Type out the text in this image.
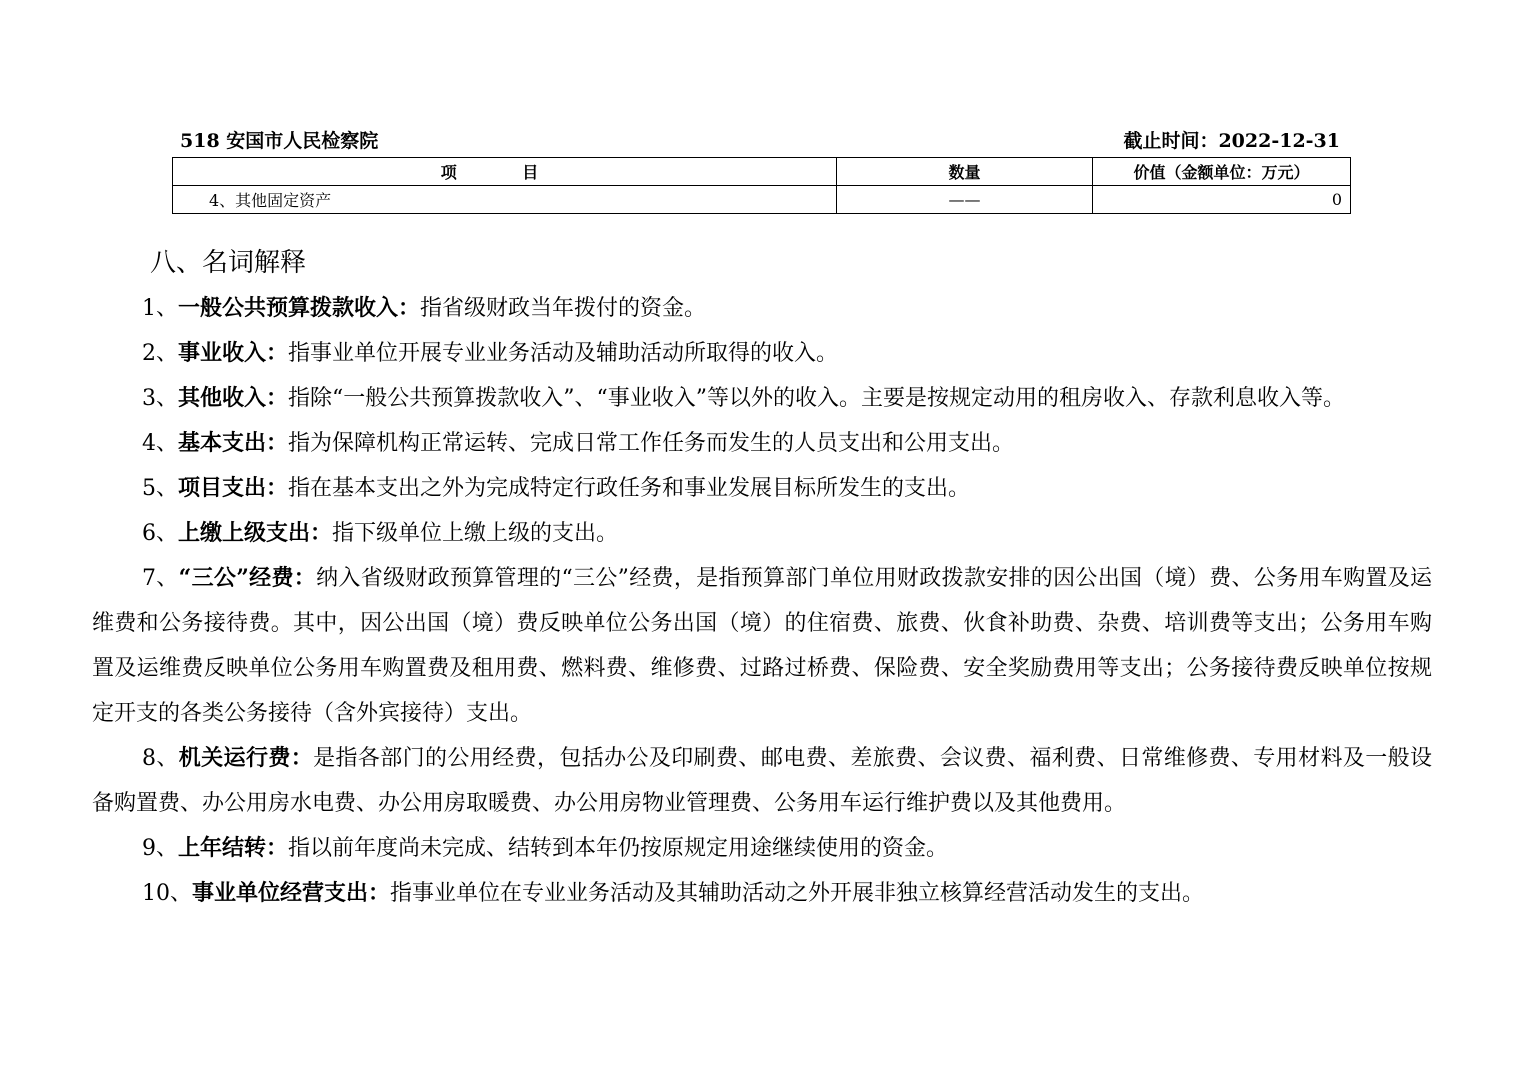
518 安国市人民检察院	截止时间：2022-12-31
项 目	数量	价值（金额单位：万元）
4、其他固定资产	——	0
八、名词解释

1、一般公共预算拨款收入：指省级财政当年拨付的资金。

2、事业收入：指事业单位开展专业业务活动及辅助活动所取得的收入。

3、其他收入：指除“一般公共预算拨款收入”、“事业收入”等以外的收入。主要是按规定动用的租房收入、存款利息收入等。

4、基本支出：指为保障机构正常运转、完成日常工作任务而发生的人员支出和公用支出。

5、项目支出：指在基本支出之外为完成特定行政任务和事业发展目标所发生的支出。

6、上缴上级支出：指下级单位上缴上级的支出。

7、“三公”经费：纳入省级财政预算管理的“三公”经费，是指预算部门单位用财政拨款安排的因公出国（境）费、公务用车购置及运维费和公务接待费。其中，因公出国（境）费反映单位公务出国（境）的住宿费、旅费、伙食补助费、杂费、培训费等支出；公务用车购置及运维费反映单位公务用车购置费及租用费、燃料费、维修费、过路过桥费、保险费、安全奖励费用等支出；公务接待费反映单位按规定开支的各类公务接待（含外宾接待）支出。

8、机关运行费：是指各部门的公用经费，包括办公及印刷费、邮电费、差旅费、会议费、福利费、日常维修费、专用材料及一般设备购置费、办公用房水电费、办公用房取暖费、办公用房物业管理费、公务用车运行维护费以及其他费用。

9、上年结转：指以前年度尚未完成、结转到本年仍按原规定用途继续使用的资金。

10、事业单位经营支出：指事业单位在专业业务活动及其辅助活动之外开展非独立核算经营活动发生的支出。
